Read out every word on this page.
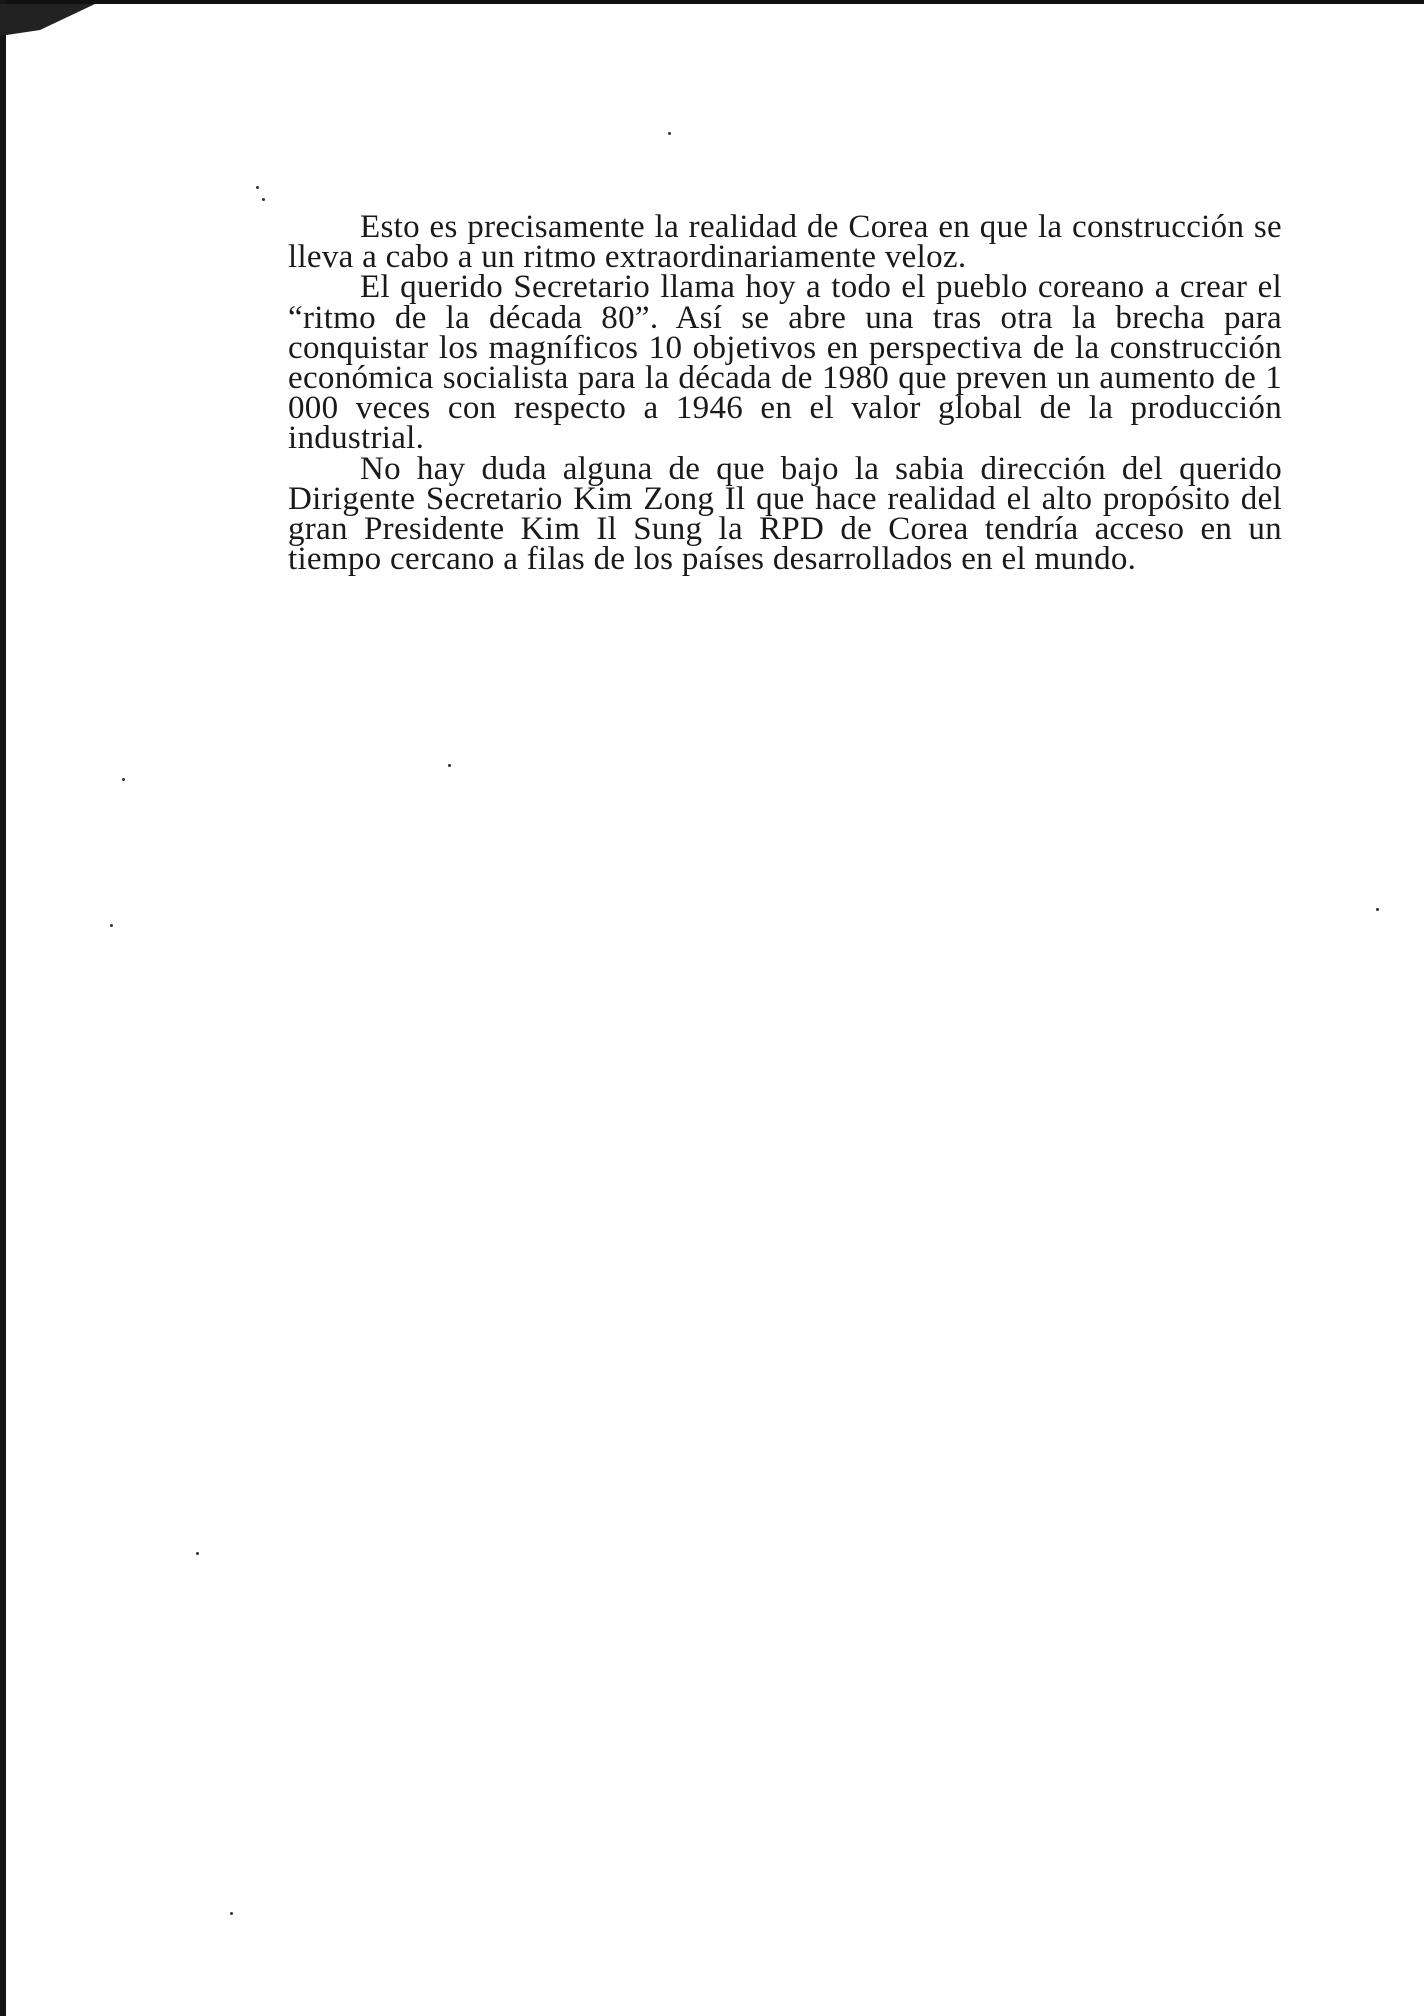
Esto es precisamente la realidad de Corea en que la construcción se lleva a cabo a un ritmo extraordinariamente veloz.

El querido Secretario llama hoy a todo el pueblo coreano a crear el “ritmo de la década 80”. Así se abre una tras otra la brecha para conquistar los magníficos 10 objetivos en perspectiva de la construcción económica socialista para la década de 1980 que preven un aumento de 1 000 veces con respecto a 1946 en el valor global de la producción industrial.

No hay duda alguna de que bajo la sabia dirección del querido Dirigente Secretario Kim Zong Il que hace realidad el alto propósito del gran Presidente Kim Il Sung la RPD de Corea tendría acceso en un tiempo cercano a filas de los países desarrollados en el mundo.
